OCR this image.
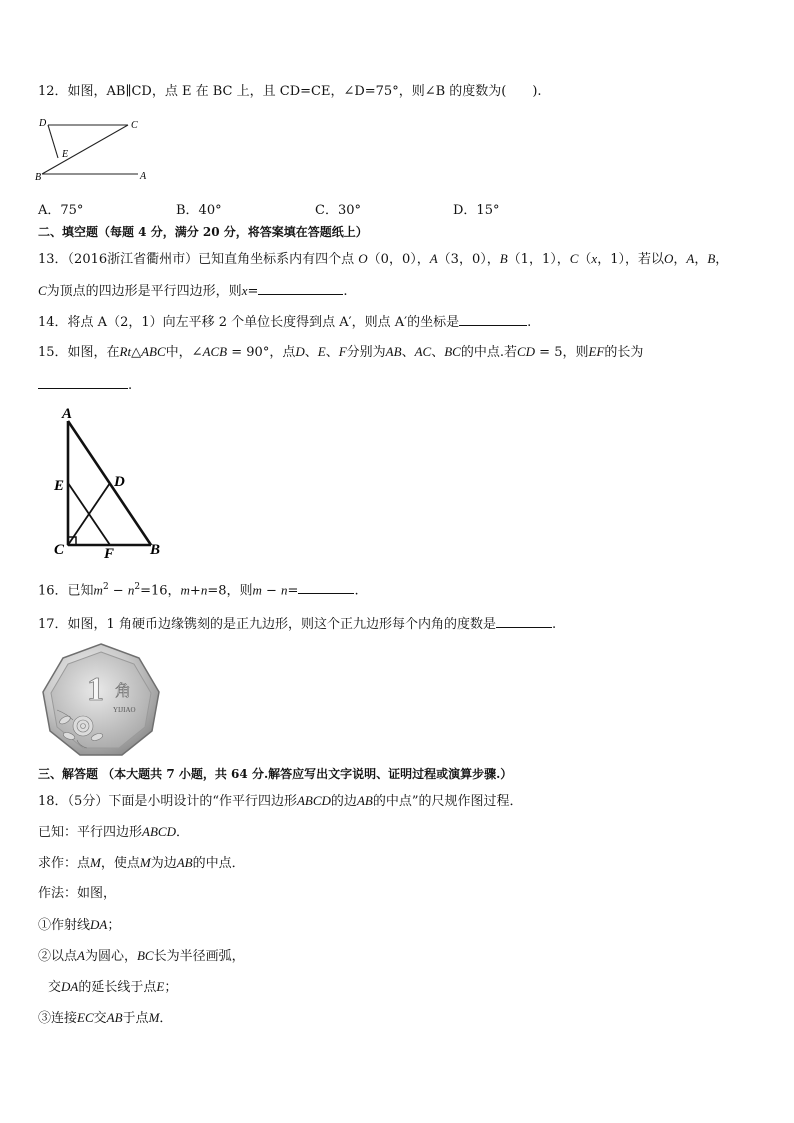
12．如图，AB∥CD，点 E 在 BC 上，且 CD=CE，∠D=75°，则∠B 的度数为(　　).
D	C
E
B	A
A．75°	B．40°	C．30°	D．15°
二、填空题（每题 4 分，满分 20 分，将答案填在答题纸上）
13．（2016浙江省衢州市）已知直角坐标系内有四个点 O（0，0），A（3，0），B（1，1），C（x，1），若以O，A，B，
C为顶点的四边形是平行四边形，则x=	.
14．将点 A（2，1）向左平移 2 个单位长度得到点 A′，则点 A′的坐标是	.
15．如图，在Rt△ABC中，∠ACB = 90°，点D、E、F分别为AB、AC、BC的中点.若CD = 5，则EF的长为
.
A
E	D
C	F B
16．已知$m^2 - n^2=16$，m+n=8，则m − n=	.
17．如图，1 角硬币边缘镌刻的是正九边形，则这个正九边形每个内角的度数是	.
1 角
YIJIAO
三、解答题 （本大题共 7 小题，共 64 分.解答应写出文字说明、证明过程或演算步骤.）
18．（5分）下面是小明设计的“作平行四边形ABCD的边AB的中点”的尺规作图过程．
已知：平行四边形ABCD．
求作：点M，使点M为边AB的中点．
作法：如图，
①作射线DA；
②以点A为圆心，BC长为半径画弧，
交DA的延长线于点E；
③连接EC交AB于点M．
